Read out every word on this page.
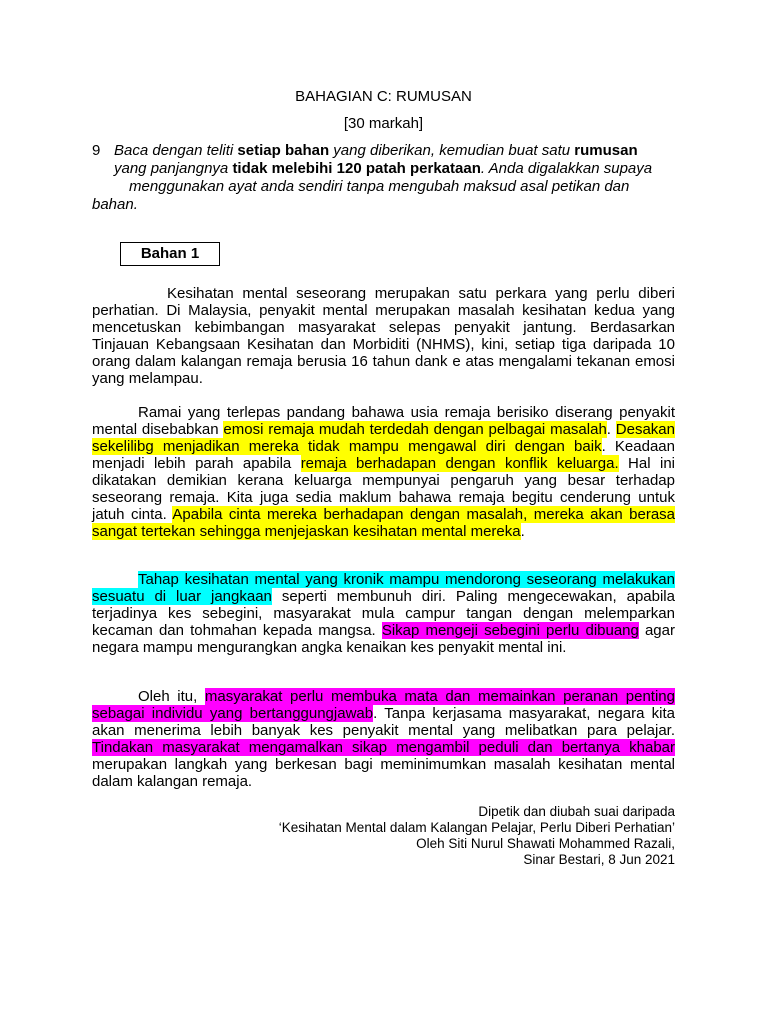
BAHAGIAN C: RUMUSAN
[30 markah]
9 Baca dengan teliti setiap bahan yang diberikan, kemudian buat satu rumusan
yang panjangnya tidak melebihi 120 patah perkataan. Anda digalakkan supaya
menggunakan ayat anda sendiri tanpa mengubah maksud asal petikan dan
bahan.
Bahan 1

Kesihatan mental seseorang merupakan satu perkara yang perlu diberi perhatian. Di Malaysia, penyakit mental merupakan masalah kesihatan kedua yang mencetuskan kebimbangan masyarakat selepas penyakit jantung. Berdasarkan Tinjauan Kebangsaan Kesihatan dan Morbiditi (NHMS), kini, setiap tiga daripada 10 orang dalam kalangan remaja berusia 16 tahun dank e atas mengalami tekanan emosi yang melampau.

Ramai yang terlepas pandang bahawa usia remaja berisiko diserang penyakit mental disebabkan emosi remaja mudah terdedah dengan pelbagai masalah. Desakan sekelilibg menjadikan mereka tidak mampu mengawal diri dengan baik. Keadaan menjadi lebih parah apabila remaja berhadapan dengan konflik keluarga. Hal ini dikatakan demikian kerana keluarga mempunyai pengaruh yang besar terhadap seseorang remaja. Kita juga sedia maklum bahawa remaja begitu cenderung untuk jatuh cinta. Apabila cinta mereka berhadapan dengan masalah, mereka akan berasa sangat tertekan sehingga menjejaskan kesihatan mental mereka.

Tahap kesihatan mental yang kronik mampu mendorong seseorang melakukan sesuatu di luar jangkaan seperti membunuh diri. Paling mengecewakan, apabila terjadinya kes sebegini, masyarakat mula campur tangan dengan melemparkan kecaman dan tohmahan kepada mangsa. Sikap mengeji sebegini perlu dibuang agar negara mampu mengurangkan angka kenaikan kes penyakit mental ini.

Oleh itu, masyarakat perlu membuka mata dan memainkan peranan penting sebagai individu yang bertanggungjawab. Tanpa kerjasama masyarakat, negara kita akan menerima lebih banyak kes penyakit mental yang melibatkan para pelajar. Tindakan masyarakat mengamalkan sikap mengambil peduli dan bertanya khabar merupakan langkah yang berkesan bagi meminimumkan masalah kesihatan mental dalam kalangan remaja.

Dipetik dan diubah suai daripada
‘Kesihatan Mental dalam Kalangan Pelajar, Perlu Diberi Perhatian’
Oleh Siti Nurul Shawati Mohammed Razali,
Sinar Bestari, 8 Jun 2021
